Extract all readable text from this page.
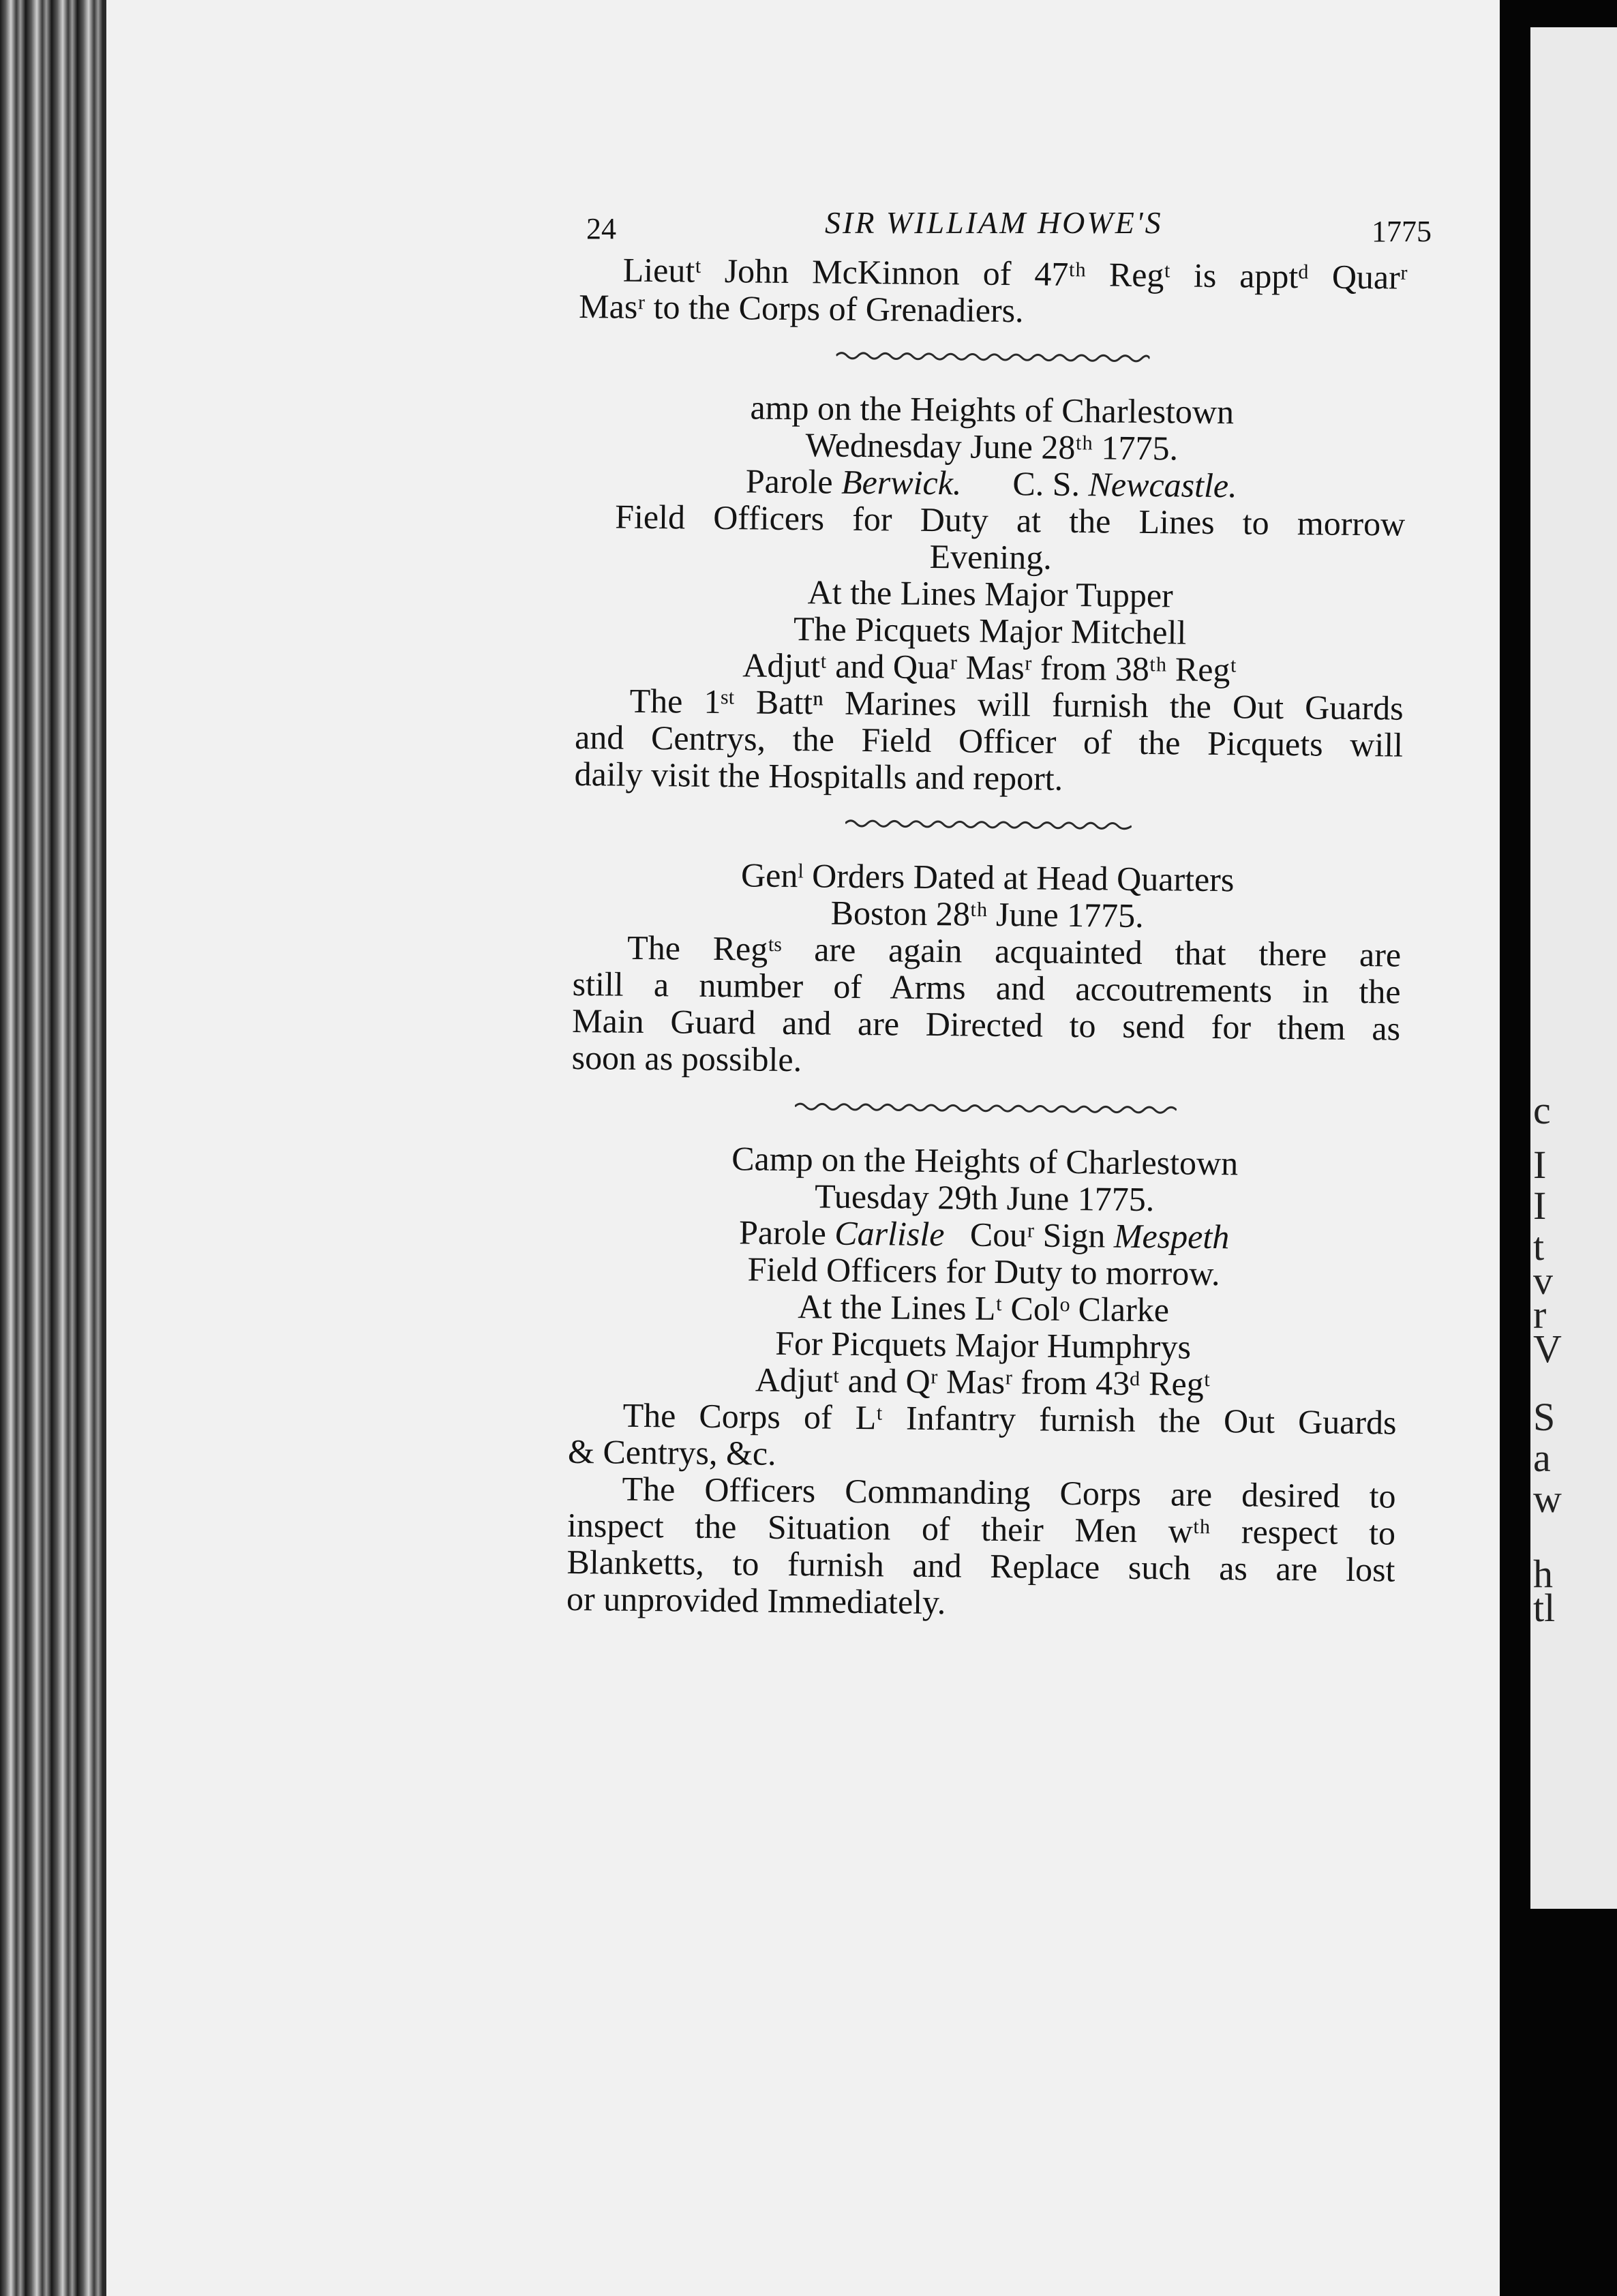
c
I
I
t
v
r
V
S
a
w
h
tl
24	SIR WILLIAM HOWE'S	1775

Lieutᵗ John McKinnon of 47ᵗʰ Regᵗ is apptᵈ Quarʳ

Masʳ to the Corps of Grenadiers.

amp on the Heights of Charlestown

Wednesday June 28ᵗʰ 1775.

Parole Berwick. C. S. Newcastle.

Field Officers for Duty at the Lines to morrow

Evening.

At the Lines Major Tupper

The Picquets Major Mitchell

Adjutᵗ and Quaʳ Masʳ from 38ᵗʰ Regᵗ

The 1ˢᵗ Battⁿ Marines will furnish the Out Guards

and Centrys, the Field Officer of the Picquets will

daily visit the Hospitalls and report.

Genˡ Orders Dated at Head Quarters

Boston 28ᵗʰ June 1775.

The Regᵗˢ are again acquainted that there are

still a number of Arms and accoutrements in the

Main Guard and are Directed to send for them as

soon as possible.

Camp on the Heights of Charlestown

Tuesday 29th June 1775.

Parole Carlisle Couʳ Sign Mespeth

Field Officers for Duty to morrow.

At the Lines Lᵗ Colᵒ Clarke

For Picquets Major Humphrys

Adjutᵗ and Qʳ Masʳ from 43ᵈ Regᵗ

The Corps of Lᵗ Infantry furnish the Out Guards

& Centrys, &c.

The Officers Commanding Corps are desired to

inspect the Situation of their Men wᵗʰ respect to

Blanketts, to furnish and Replace such as are lost

or unprovided Immediately.
